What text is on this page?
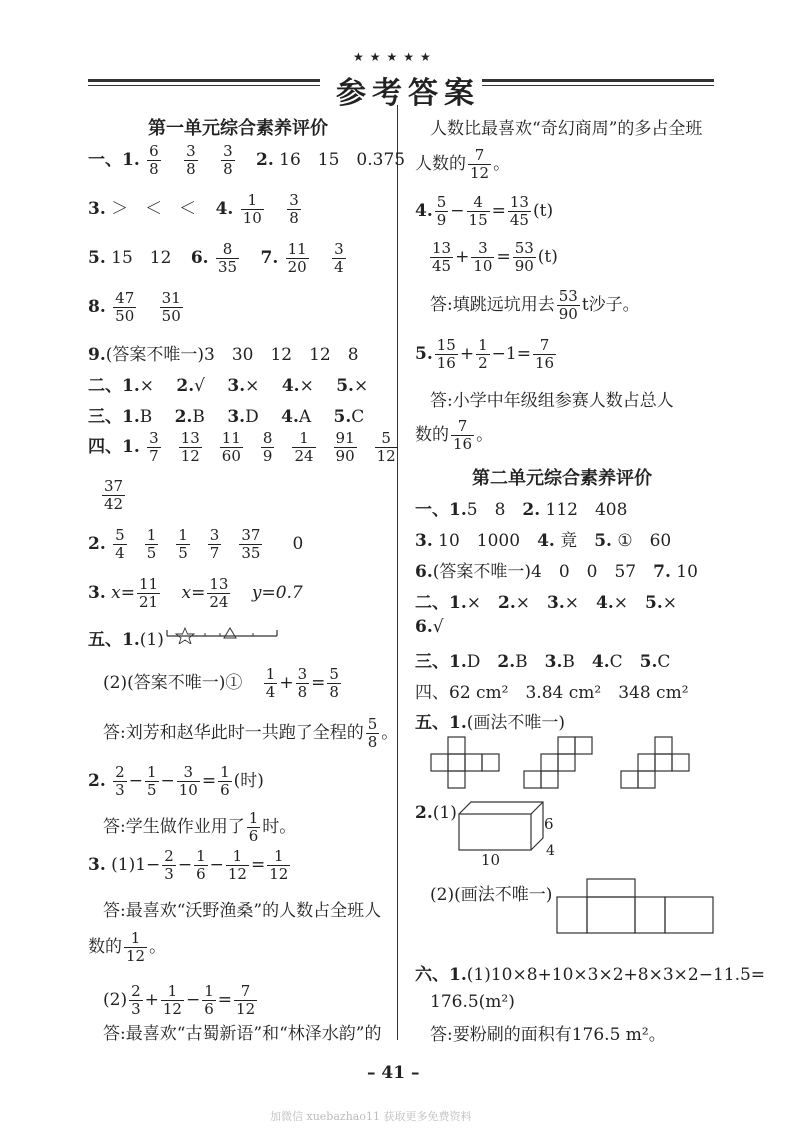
★★★★★
参考答案
第一单元综合素养评价
一、1. $\frac{6}{8}$
$\frac{3}{8}$
$\frac{3}{8} 2$. 16　15　0.375
3. ＞　＜　＜ 4. $\frac{1}{10}$
$\frac{3}{8}$
5. 15　12 6. $\frac{8}{35} 7$. $\frac{11}{20}$
$\frac{3}{4}$
8. $\frac{47}{50}$
$\frac{31}{50}$
9.(答案不唯一)3　30　12　12　8
二、1.×　 2.√　 3.×　 4.×　 5.×
三、1.B　 2.B　 3.D　 4.A　 5.C
四、1. $\frac{3}{7} \frac{13}{12} \frac{11}{60} \frac{8}{9} \frac{1}{24} \frac{91}{90} \frac{5}{12}$
$\frac{37}{42}$
2. $\frac{5}{4} \frac{1}{5} \frac{1}{5} \frac{3}{7} \frac{37}{35} 0$
3. $x= \frac{11}{21} x= \frac{13}{24} y=0.7$
五、1.(1)
(2)(答案不唯一)① $\frac{1}{4} + \frac{3}{8} = \frac{5}{8}$
答:刘芳和赵华此时一共跑了全程的 $\frac{5}{8}$ 。
2. $\frac{2}{3} - \frac{1}{5} - \frac{3}{10} = \frac{1}{6}$ (时)
答:学生做作业用了 $\frac{1}{6}$ 时。
3. $(1)1- \frac{2}{3} - \frac{1}{6} - \frac{1}{12} = \frac{1}{12}$
答:最喜欢“沃野渔桑”的人数占全班人
数的 $\frac{1}{12}$ 。
$(2) \frac{2}{3} + \frac{1}{12} - \frac{1}{6} = \frac{7}{12}$
答:最喜欢“古蜀新语”和“林泽水韵”的
人数比最喜欢“奇幻商周”的多占全班
人数的 $\frac{7}{12}$ 。
4. $\frac{5}{9} - \frac{4}{15} = \frac{13}{45} (t)$
$\frac{13}{45} + \frac{3}{10} = \frac{53}{90} (t)$
答:填跳远坑用去 $\frac{53}{90}$ t沙子。
5. $\frac{15}{16} + \frac{1}{2} -1= \frac{7}{16}$
答:小学中年级组参赛人数占总人
数的 $\frac{7}{16}$ 。
第二单元综合素养评价
一、1.5　8　2. 112　408
3. 10　1000　4. 竟　5. ①　60
6.(答案不唯一)4　0　0　57　7. 10
二、1.×　2.×　3.×　4.×　5.×
6.√
三、1.D　2.B　3.B　4.C　5.C
四、62 cm²　3.84 cm²　348 cm²
五、1.(画法不唯一)
2.(1)
10	4
6
(2)(画法不唯一)
六、1.(1)10×8+10×3×2+8×3×2−11.5=
176.5(m²)
答:要粉刷的面积有176.5 m²。
– 41 –
加微信 xuebazhao11 获取更多免费资料
